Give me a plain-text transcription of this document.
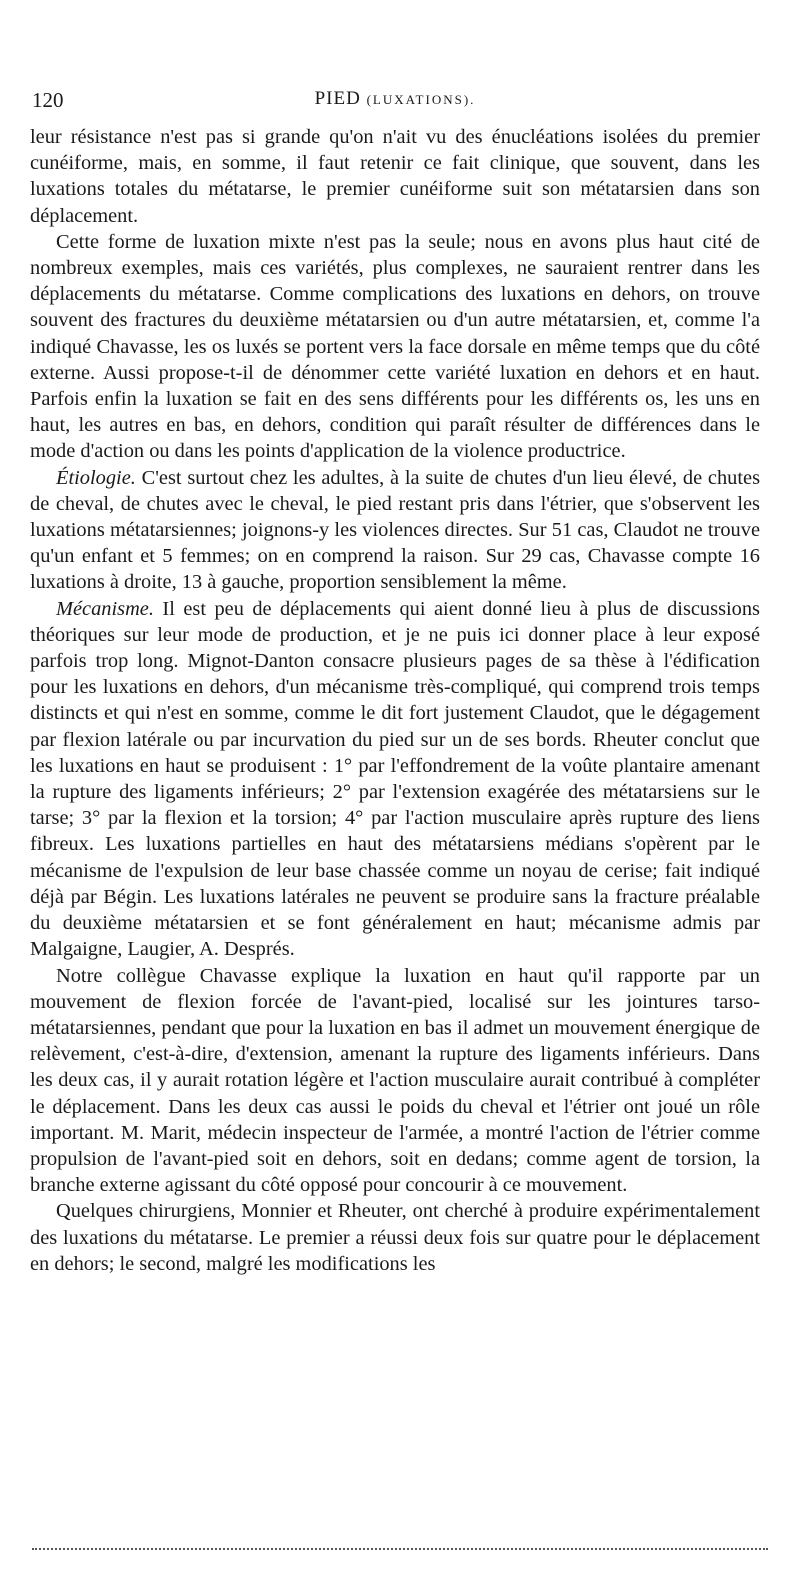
120	PIED (LUXATIONS).

leur résistance n'est pas si grande qu'on n'ait vu des énucléations isolées du premier cunéiforme, mais, en somme, il faut retenir ce fait clinique, que souvent, dans les luxations totales du métatarse, le premier cunéiforme suit son métatarsien dans son déplacement.

Cette forme de luxation mixte n'est pas la seule; nous en avons plus haut cité de nombreux exemples, mais ces variétés, plus complexes, ne sauraient rentrer dans les déplacements du métatarse. Comme complications des luxations en dehors, on trouve souvent des fractures du deuxième métatarsien ou d'un autre métatarsien, et, comme l'a indiqué Chavasse, les os luxés se portent vers la face dorsale en même temps que du côté externe. Aussi propose-t-il de dénommer cette variété luxation en dehors et en haut. Parfois enfin la luxation se fait en des sens différents pour les différents os, les uns en haut, les autres en bas, en dehors, condition qui paraît résulter de différences dans le mode d'action ou dans les points d'application de la violence productrice.

Étiologie. C'est surtout chez les adultes, à la suite de chutes d'un lieu élevé, de chutes de cheval, de chutes avec le cheval, le pied restant pris dans l'étrier, que s'observent les luxations métatarsiennes; joignons-y les violences directes. Sur 51 cas, Claudot ne trouve qu'un enfant et 5 femmes; on en comprend la raison. Sur 29 cas, Chavasse compte 16 luxations à droite, 13 à gauche, proportion sensiblement la même.

Mécanisme. Il est peu de déplacements qui aient donné lieu à plus de discussions théoriques sur leur mode de production, et je ne puis ici donner place à leur exposé parfois trop long. Mignot-Danton consacre plusieurs pages de sa thèse à l'édification pour les luxations en dehors, d'un mécanisme très-compliqué, qui comprend trois temps distincts et qui n'est en somme, comme le dit fort justement Claudot, que le dégagement par flexion latérale ou par incurvation du pied sur un de ses bords. Rheuter conclut que les luxations en haut se produisent : 1° par l'effondrement de la voûte plantaire amenant la rupture des ligaments inférieurs; 2° par l'extension exagérée des métatarsiens sur le tarse; 3° par la flexion et la torsion; 4° par l'action musculaire après rupture des liens fibreux. Les luxations partielles en haut des métatarsiens médians s'opèrent par le mécanisme de l'expulsion de leur base chassée comme un noyau de cerise; fait indiqué déjà par Bégin. Les luxations latérales ne peuvent se produire sans la fracture préalable du deuxième métatarsien et se font généralement en haut; mécanisme admis par Malgaigne, Laugier, A. Després.

Notre collègue Chavasse explique la luxation en haut qu'il rapporte par un mouvement de flexion forcée de l'avant-pied, localisé sur les jointures tarso-métatarsiennes, pendant que pour la luxation en bas il admet un mouvement énergique de relèvement, c'est-à-dire, d'extension, amenant la rupture des ligaments inférieurs. Dans les deux cas, il y aurait rotation légère et l'action musculaire aurait contribué à compléter le déplacement. Dans les deux cas aussi le poids du cheval et l'étrier ont joué un rôle important. M. Marit, médecin inspecteur de l'armée, a montré l'action de l'étrier comme propulsion de l'avant-pied soit en dehors, soit en dedans; comme agent de torsion, la branche externe agissant du côté opposé pour concourir à ce mouvement.

Quelques chirurgiens, Monnier et Rheuter, ont cherché à produire expérimentalement des luxations du métatarse. Le premier a réussi deux fois sur quatre pour le déplacement en dehors; le second, malgré les modifications les
